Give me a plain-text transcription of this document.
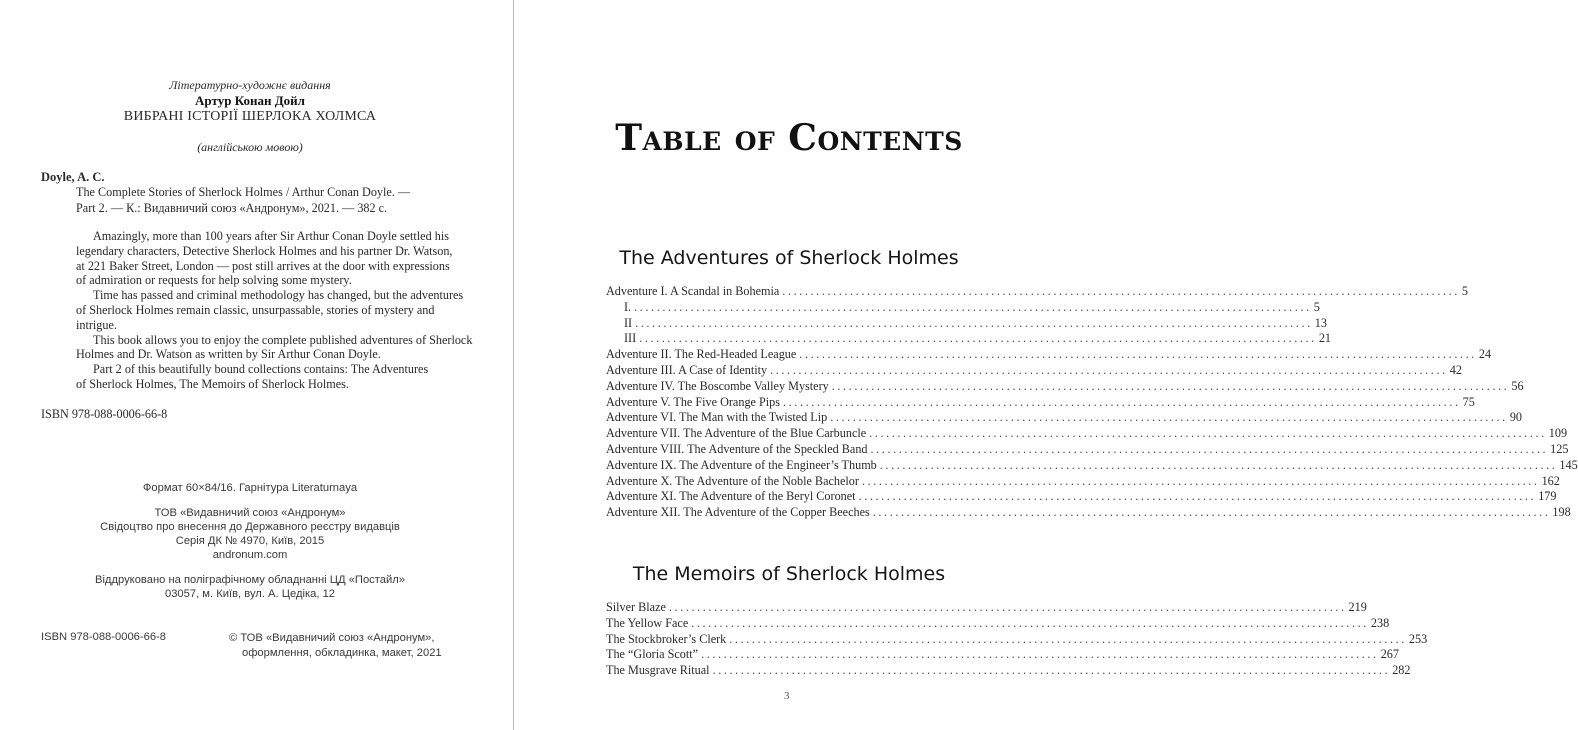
Літературно-художнє видання
Артур Конан Дойл
ВИБРАНІ ІСТОРІЇ ШЕРЛОКА ХОЛМСА
(англійською мовою)
Doyle, A. C.
The Complete Stories of Sherlock Holmes / Arthur Conan Doyle. —
Part 2. — К.: Видавничий союз «Андронум», 2021. — 382 с.
Amazingly, more than 100 years after Sir Arthur Conan Doyle settled his
legendary characters, Detective Sherlock Holmes and his partner Dr. Watson,
at 221 Baker Street, London — post still arrives at the door with expressions
of admiration or requests for help solving some mystery.
Time has passed and criminal methodology has changed, but the adventures
of Sherlock Holmes remain classic, unsurpassable, stories of mystery and
intrigue.
This book allows you to enjoy the complete published adventures of Sherlock
Holmes and Dr. Watson as written by Sir Arthur Conan Doyle.
Part 2 of this beautifully bound collections contains: The Adventures
of Sherlock Holmes, The Memoirs of Sherlock Holmes.
ISBN 978-088-0006-66-8
Формат 60×84/16. Гарнітура Literaturnaya
ТОВ «Видавничий союз «Андронум»
Свідоцтво про внесення до Державного реєстру видавців
Серія ДК № 4970, Київ, 2015
andronum.com
Віддруковано на поліграфічному обладнанні ЦД «Постайл»
03057, м. Київ, вул. А. Цедіка, 12
ISBN 978-088-0006-66-8	© ТОВ «Видавничий союз «Андронум»,
оформлення, обкладинка, макет, 2021
Table of Contents
The Adventures of Sherlock Holmes
Adventure I. A Scandal in Bohemia ........................................................................................................................ 5
I. ........................................................................................................................ 5
II ........................................................................................................................ 13
III ........................................................................................................................ 21
Adventure II. The Red-Headed League ........................................................................................................................ 24
Adventure III. A Case of Identity ........................................................................................................................ 42
Adventure IV. The Boscombe Valley Mystery ........................................................................................................................ 56
Adventure V. The Five Orange Pips ........................................................................................................................ 75
Adventure VI. The Man with the Twisted Lip ........................................................................................................................ 90
Adventure VII. The Adventure of the Blue Carbuncle ........................................................................................................................ 109
Adventure VIII. The Adventure of the Speckled Band ........................................................................................................................ 125
Adventure IX. The Adventure of the Engineer’s Thumb ........................................................................................................................ 145
Adventure X. The Adventure of the Noble Bachelor ........................................................................................................................ 162
Adventure XI. The Adventure of the Beryl Coronet ........................................................................................................................ 179
Adventure XII. The Adventure of the Copper Beeches ........................................................................................................................ 198
The Memoirs of Sherlock Holmes
Silver Blaze ........................................................................................................................ 219
The Yellow Face ........................................................................................................................ 238
The Stockbroker’s Clerk ........................................................................................................................ 253
The “Gloria Scott” ........................................................................................................................ 267
The Musgrave Ritual ........................................................................................................................ 282
3
